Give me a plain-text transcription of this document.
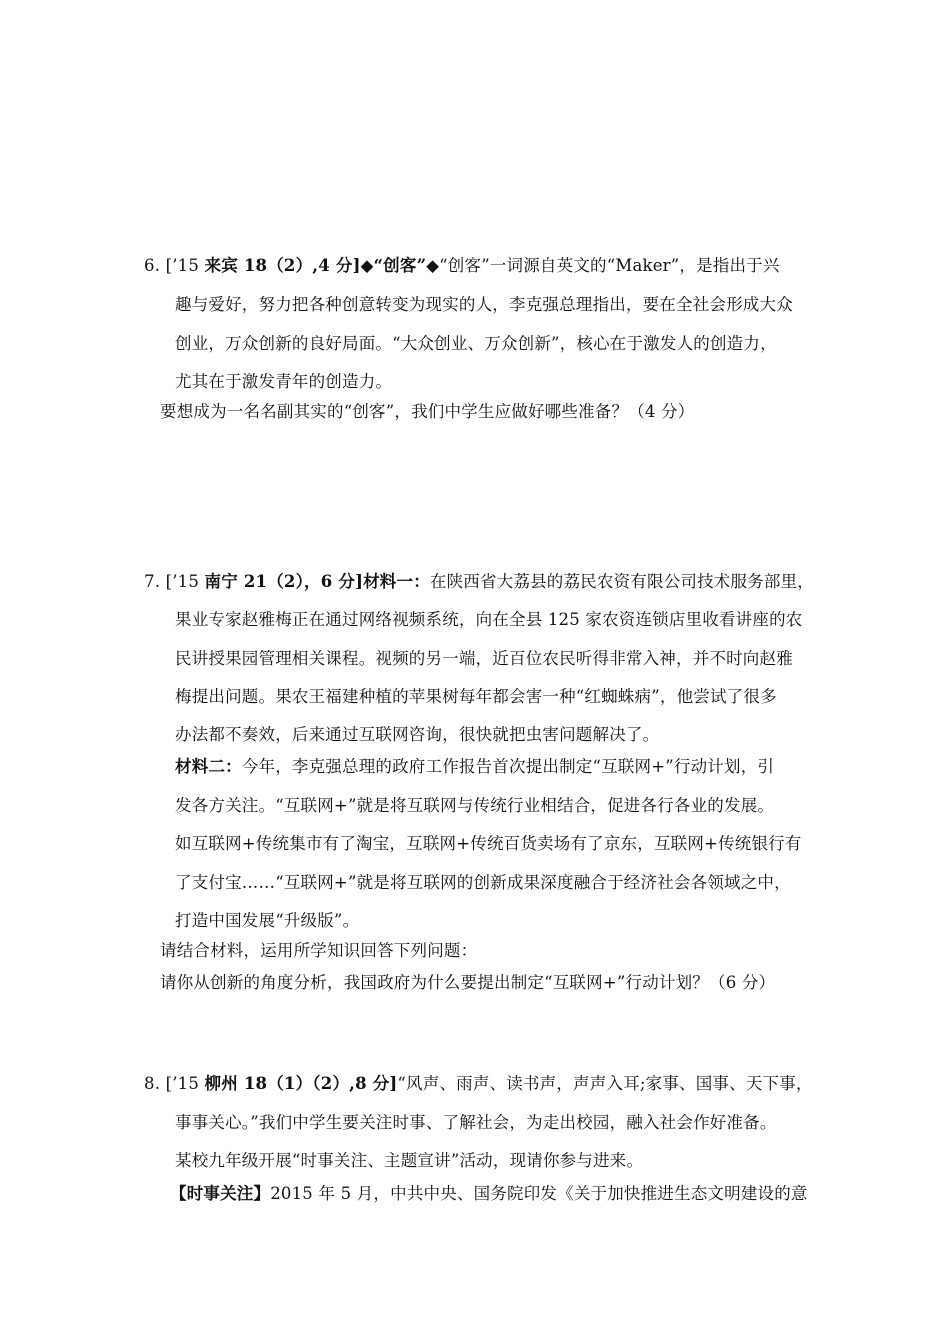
6. [’15 来宾 18（2）,4 分]◆“创客”◆“创客”一词源自英文的“Maker”，是指出于兴
趣与爱好，努力把各种创意转变为现实的人，李克强总理指出，要在全社会形成大众
创业，万众创新的良好局面。“大众创业、万众创新”，核心在于激发人的创造力，
尤其在于激发青年的创造力。
要想成为一名名副其实的“创客”，我们中学生应做好哪些准备？（4 分）
7. [’15 南宁 21（2），6 分]材料一：在陕西省大荔县的荔民农资有限公司技术服务部里，
果业专家赵雅梅正在通过网络视频系统，向在全县 125 家农资连锁店里收看讲座的农
民讲授果园管理相关课程。视频的另一端，近百位农民听得非常入神，并不时向赵雅
梅提出问题。果农王福建种植的苹果树每年都会害一种“红蜘蛛病”，他尝试了很多
办法都不奏效，后来通过互联网咨询，很快就把虫害问题解决了。
材料二：今年，李克强总理的政府工作报告首次提出制定“互联网+”行动计划，引
发各方关注。“互联网+”就是将互联网与传统行业相结合，促进各行各业的发展。
如互联网+传统集市有了淘宝，互联网+传统百货卖场有了京东，互联网+传统银行有
了支付宝……“互联网+”就是将互联网的创新成果深度融合于经济社会各领域之中，
打造中国发展“升级版”。
请结合材料，运用所学知识回答下列问题：
请你从创新的角度分析，我国政府为什么要提出制定“互联网+”行动计划？（6 分）
8. [’15 柳州 18（1）（2）,8 分]“风声、雨声、读书声，声声入耳;家事、国事、天下事，
事事关心。”我们中学生要关注时事、了解社会，为走出校园，融入社会作好准备。
某校九年级开展“时事关注、主题宣讲”活动，现请你参与进来。
【时事关注】2015 年 5 月，中共中央、国务院印发《关于加快推进生态文明建设的意
